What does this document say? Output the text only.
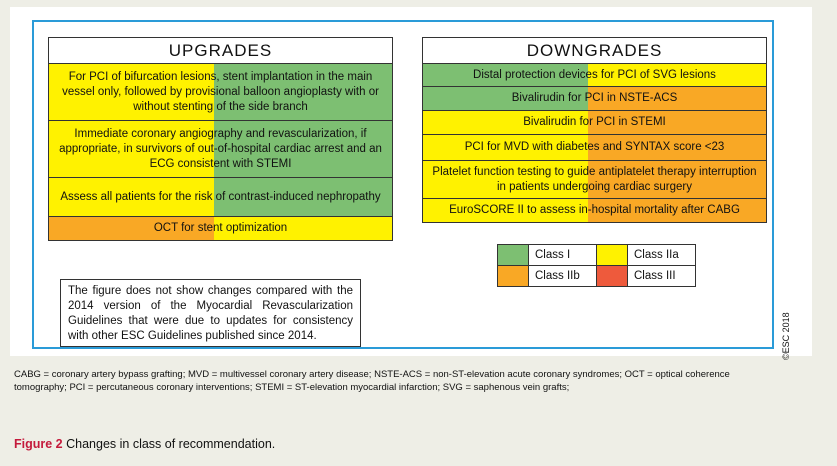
UPGRADES
For PCI of bifurcation lesions, stent implantation in the main vessel only, followed by provisional balloon angioplasty with or without stenting of the side branch
Immediate coronary angiography and revascularization, if appropriate, in survivors of out-of-hospital cardiac arrest and an ECG consistent with STEMI
Assess all patients for the risk of contrast-induced nephropathy
OCT for stent optimization
DOWNGRADES
Distal protection devices for PCI of SVG lesions
Bivalirudin for PCI in NSTE-ACS
Bivalirudin for PCI in STEMI
PCI for MVD with diabetes and SYNTAX score <23
Platelet function testing to guide antiplatelet therapy interruption in patients undergoing cardiac surgery
EuroSCORE II to assess in-hospital mortality after CABG
	Class I		Class IIa
	Class IIb		Class III
The figure does not show changes compared with the 2014 version of the Myocardial Revascularization Guidelines that were due to updates for consistency with other ESC Guidelines published since 2014.	©ESC 2018
CABG = coronary artery bypass grafting; MVD = multivessel coronary artery disease; NSTE-ACS = non-ST-elevation acute coronary syndromes; OCT = optical coherence tomography; PCI = percutaneous coronary interventions; STEMI = ST-elevation myocardial infarction; SVG = saphenous vein grafts;
Figure 2 Changes in class of recommendation.
